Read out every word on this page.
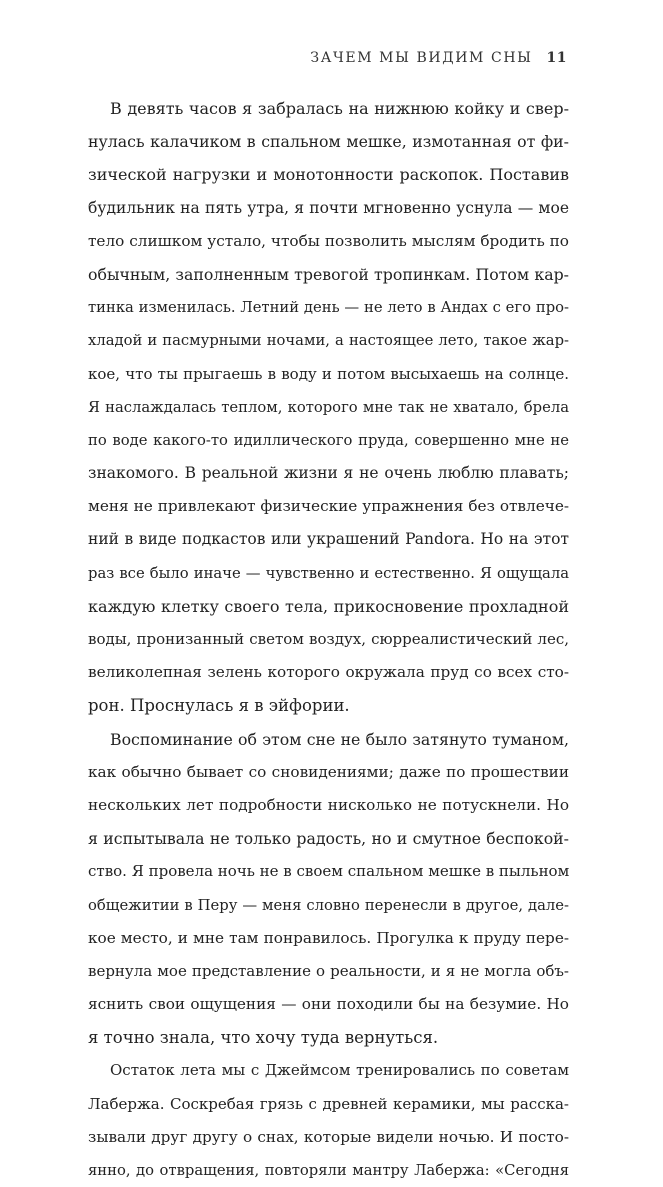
ЗАЧЕМ МЫ ВИДИМ СНЫ 11
В девять часов я забралась на нижнюю койку и свер-
нулась калачиком в спальном мешке, измотанная от фи-
зической нагрузки и монотонности раскопок. Поставив
будильник на пять утра, я почти мгновенно уснула — мое
тело слишком устало, чтобы позволить мыслям бродить по
обычным, заполненным тревогой тропинкам. Потом кар-
тинка изменилась. Летний день — не лето в Андах с его про-
хладой и пасмурными ночами, а настоящее лето, такое жар-
кое, что ты прыгаешь в воду и потом высыхаешь на солнце.
Я наслаждалась теплом, которого мне так не хватало, брела
по воде какого-то идиллического пруда, совершенно мне не
знакомого. В реальной жизни я не очень люблю плавать;
меня не привлекают физические упражнения без отвлече-
ний в виде подкастов или украшений Pandora. Но на этот
раз все было иначе — чувственно и естественно. Я ощущала
каждую клетку своего тела, прикосновение прохладной
воды, пронизанный светом воздух, сюрреалистический лес,
великолепная зелень которого окружала пруд со всех сто-
рон. Проснулась я в эйфории.
Воспоминание об этом сне не было затянуто туманом,
как обычно бывает со сновидениями; даже по прошествии
нескольких лет подробности нисколько не потускнели. Но
я испытывала не только радость, но и смутное беспокой-
ство. Я провела ночь не в своем спальном мешке в пыльном
общежитии в Перу — меня словно перенесли в другое, дале-
кое место, и мне там понравилось. Прогулка к пруду пере-
вернула мое представление о реальности, и я не могла объ-
яснить свои ощущения — они походили бы на безумие. Но
я точно знала, что хочу туда вернуться.
Остаток лета мы с Джеймсом тренировались по советам
Лабержа. Соскребая грязь с древней керамики, мы расска-
зывали друг другу о снах, которые видели ночью. И посто-
янно, до отвращения, повторяли мантру Лабержа: «Сегодня
